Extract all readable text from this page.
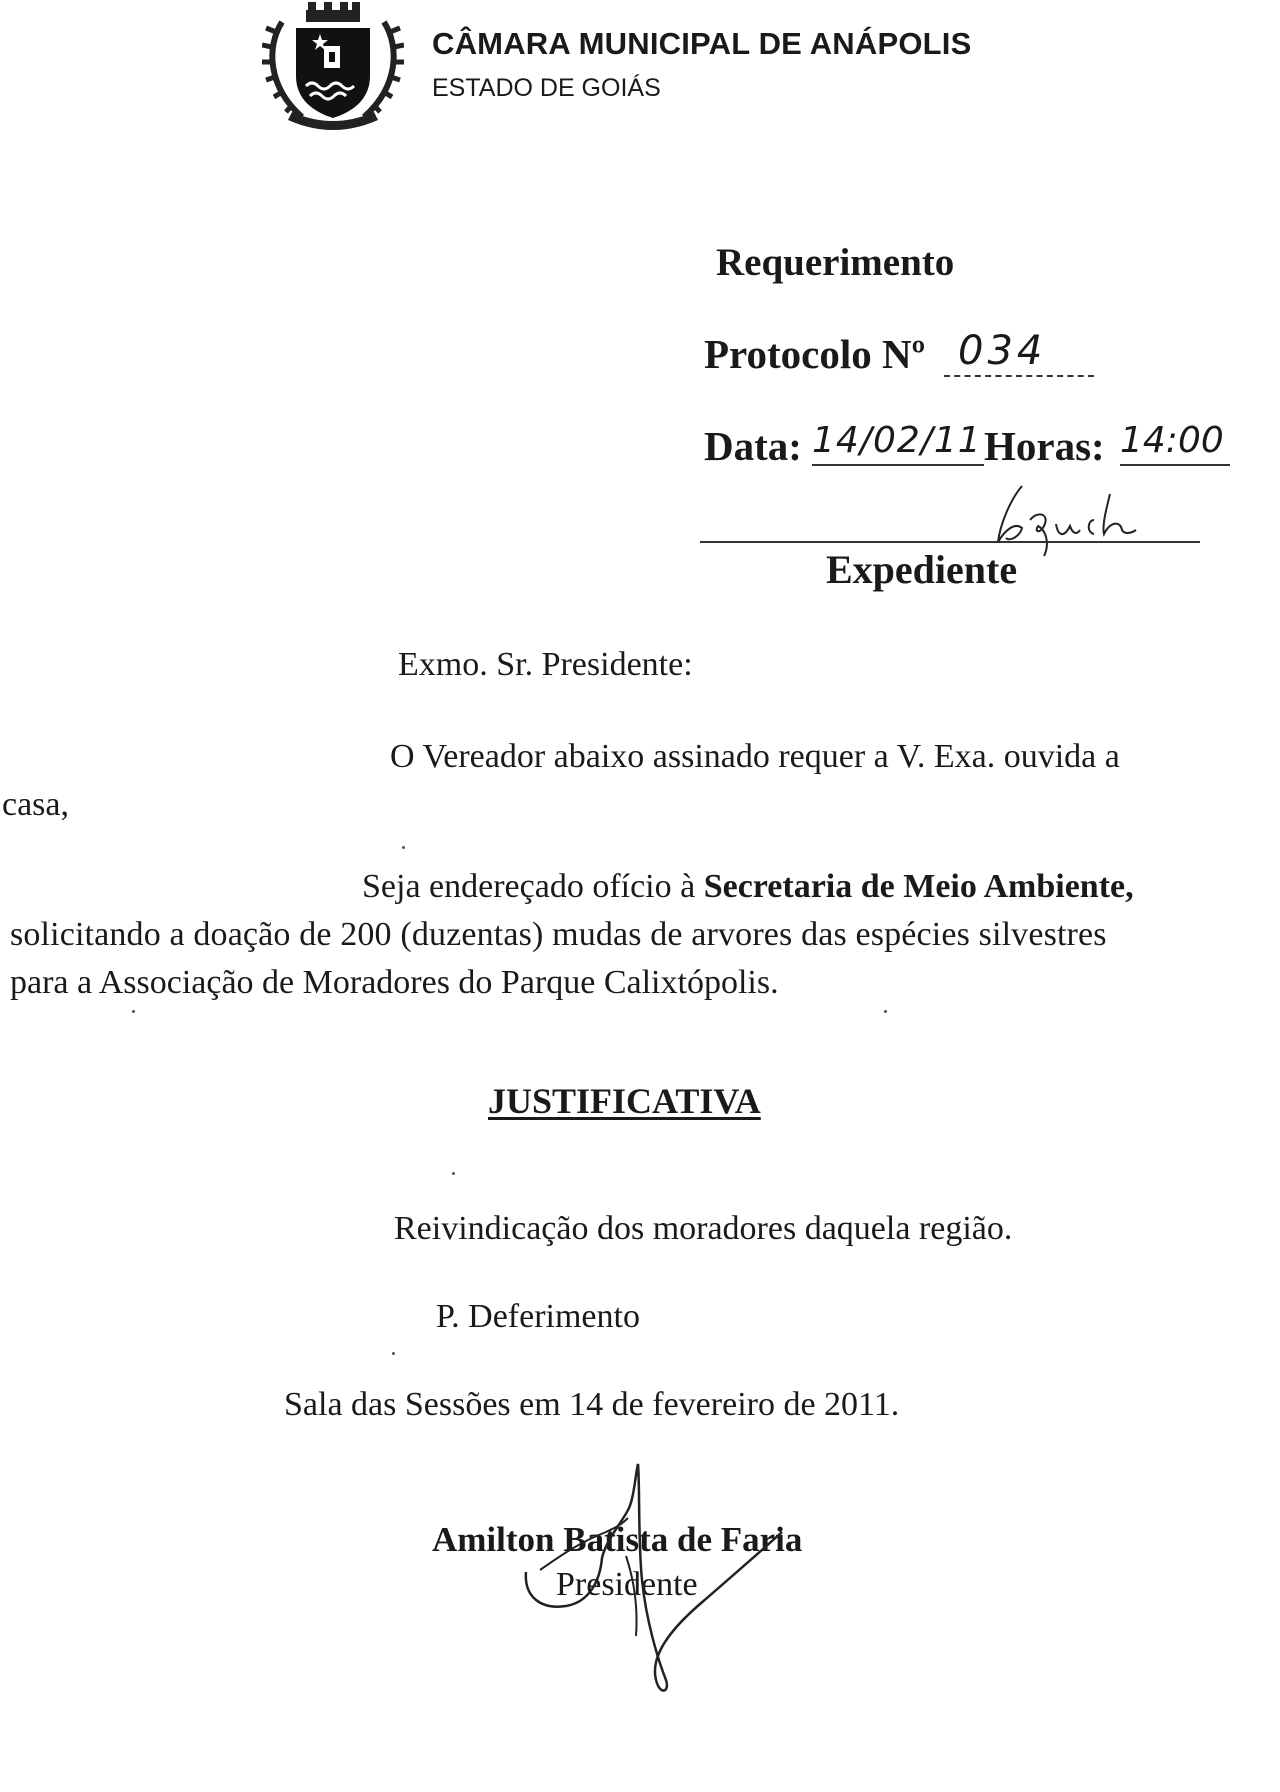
CÂMARA MUNICIPAL DE ANÁPOLIS
ESTADO DE GOIÁS
Requerimento
Protocolo Nº 034
Data: 14/02/11 Horas: 14:00
Expediente
Exmo. Sr. Presidente:
O Vereador abaixo assinado requer a V. Exa. ouvida a
casa,
Seja endereçado ofício à Secretaria de Meio Ambiente,
solicitando a doação de 200 (duzentas) mudas de arvores das espécies silvestres
para a Associação de Moradores do Parque Calixtópolis.
JUSTIFICATIVA
Reivindicação dos moradores daquela região.
P. Deferimento
Sala das Sessões em 14 de fevereiro de 2011.
Amilton Batista de Faria
Presidente
